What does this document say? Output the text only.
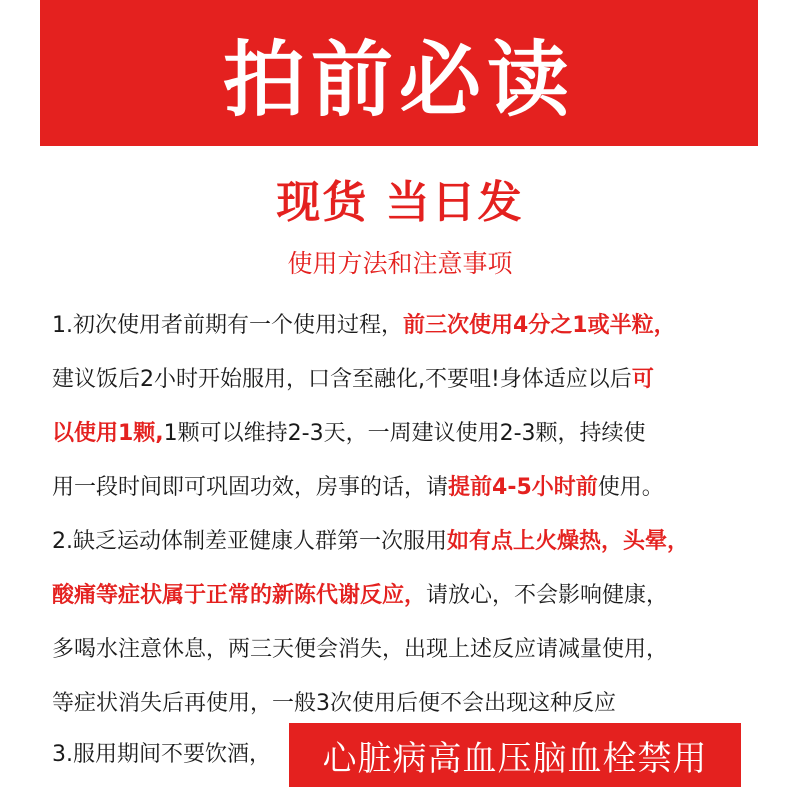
拍前必读
现货 当日发
使用方法和注意事项
1.初次使用者前期有一个使用过程，前三次使用4分之1或半粒，
建议饭后2小时开始服用，口含至融化,不要咀!身体适应以后可
以使用1颗,1颗可以维持2-3天，一周建议使用2-3颗，持续使
用一段时间即可巩固功效，房事的话，请提前4-5小时前使用。
2.缺乏运动体制差亚健康人群第一次服用如有点上火燥热，头晕，
酸痛等症状属于正常的新陈代谢反应，请放心，不会影响健康，
多喝水注意休息，两三天便会消失，出现上述反应请减量使用，
等症状消失后再使用，一般3次使用后便不会出现这种反应
3.服用期间不要饮酒， 心脏病高血压脑血栓禁用
